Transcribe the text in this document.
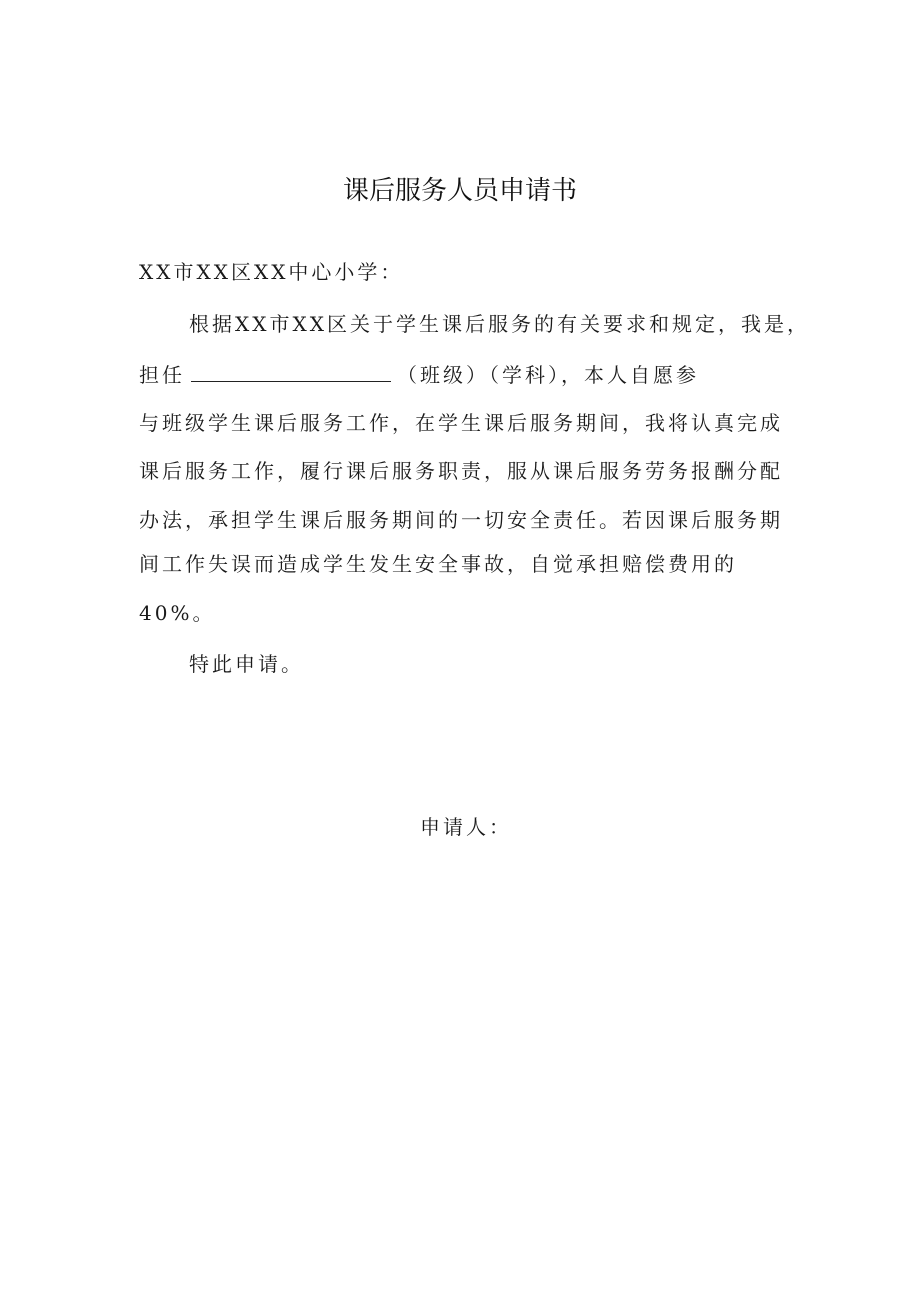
课后服务人员申请书
XX市XX区XX中心小学：
根据XX市XX区关于学生课后服务的有关要求和规定，我是，
担任	（班级）（学科），本人自愿参
与班级学生课后服务工作，在学生课后服务期间，我将认真完成
课后服务工作，履行课后服务职责，服从课后服务劳务报酬分配
办法，承担学生课后服务期间的一切安全责任。若因课后服务期
间工作失误而造成学生发生安全事故，自觉承担赔偿费用的
40%。
特此申请。
申请人：
